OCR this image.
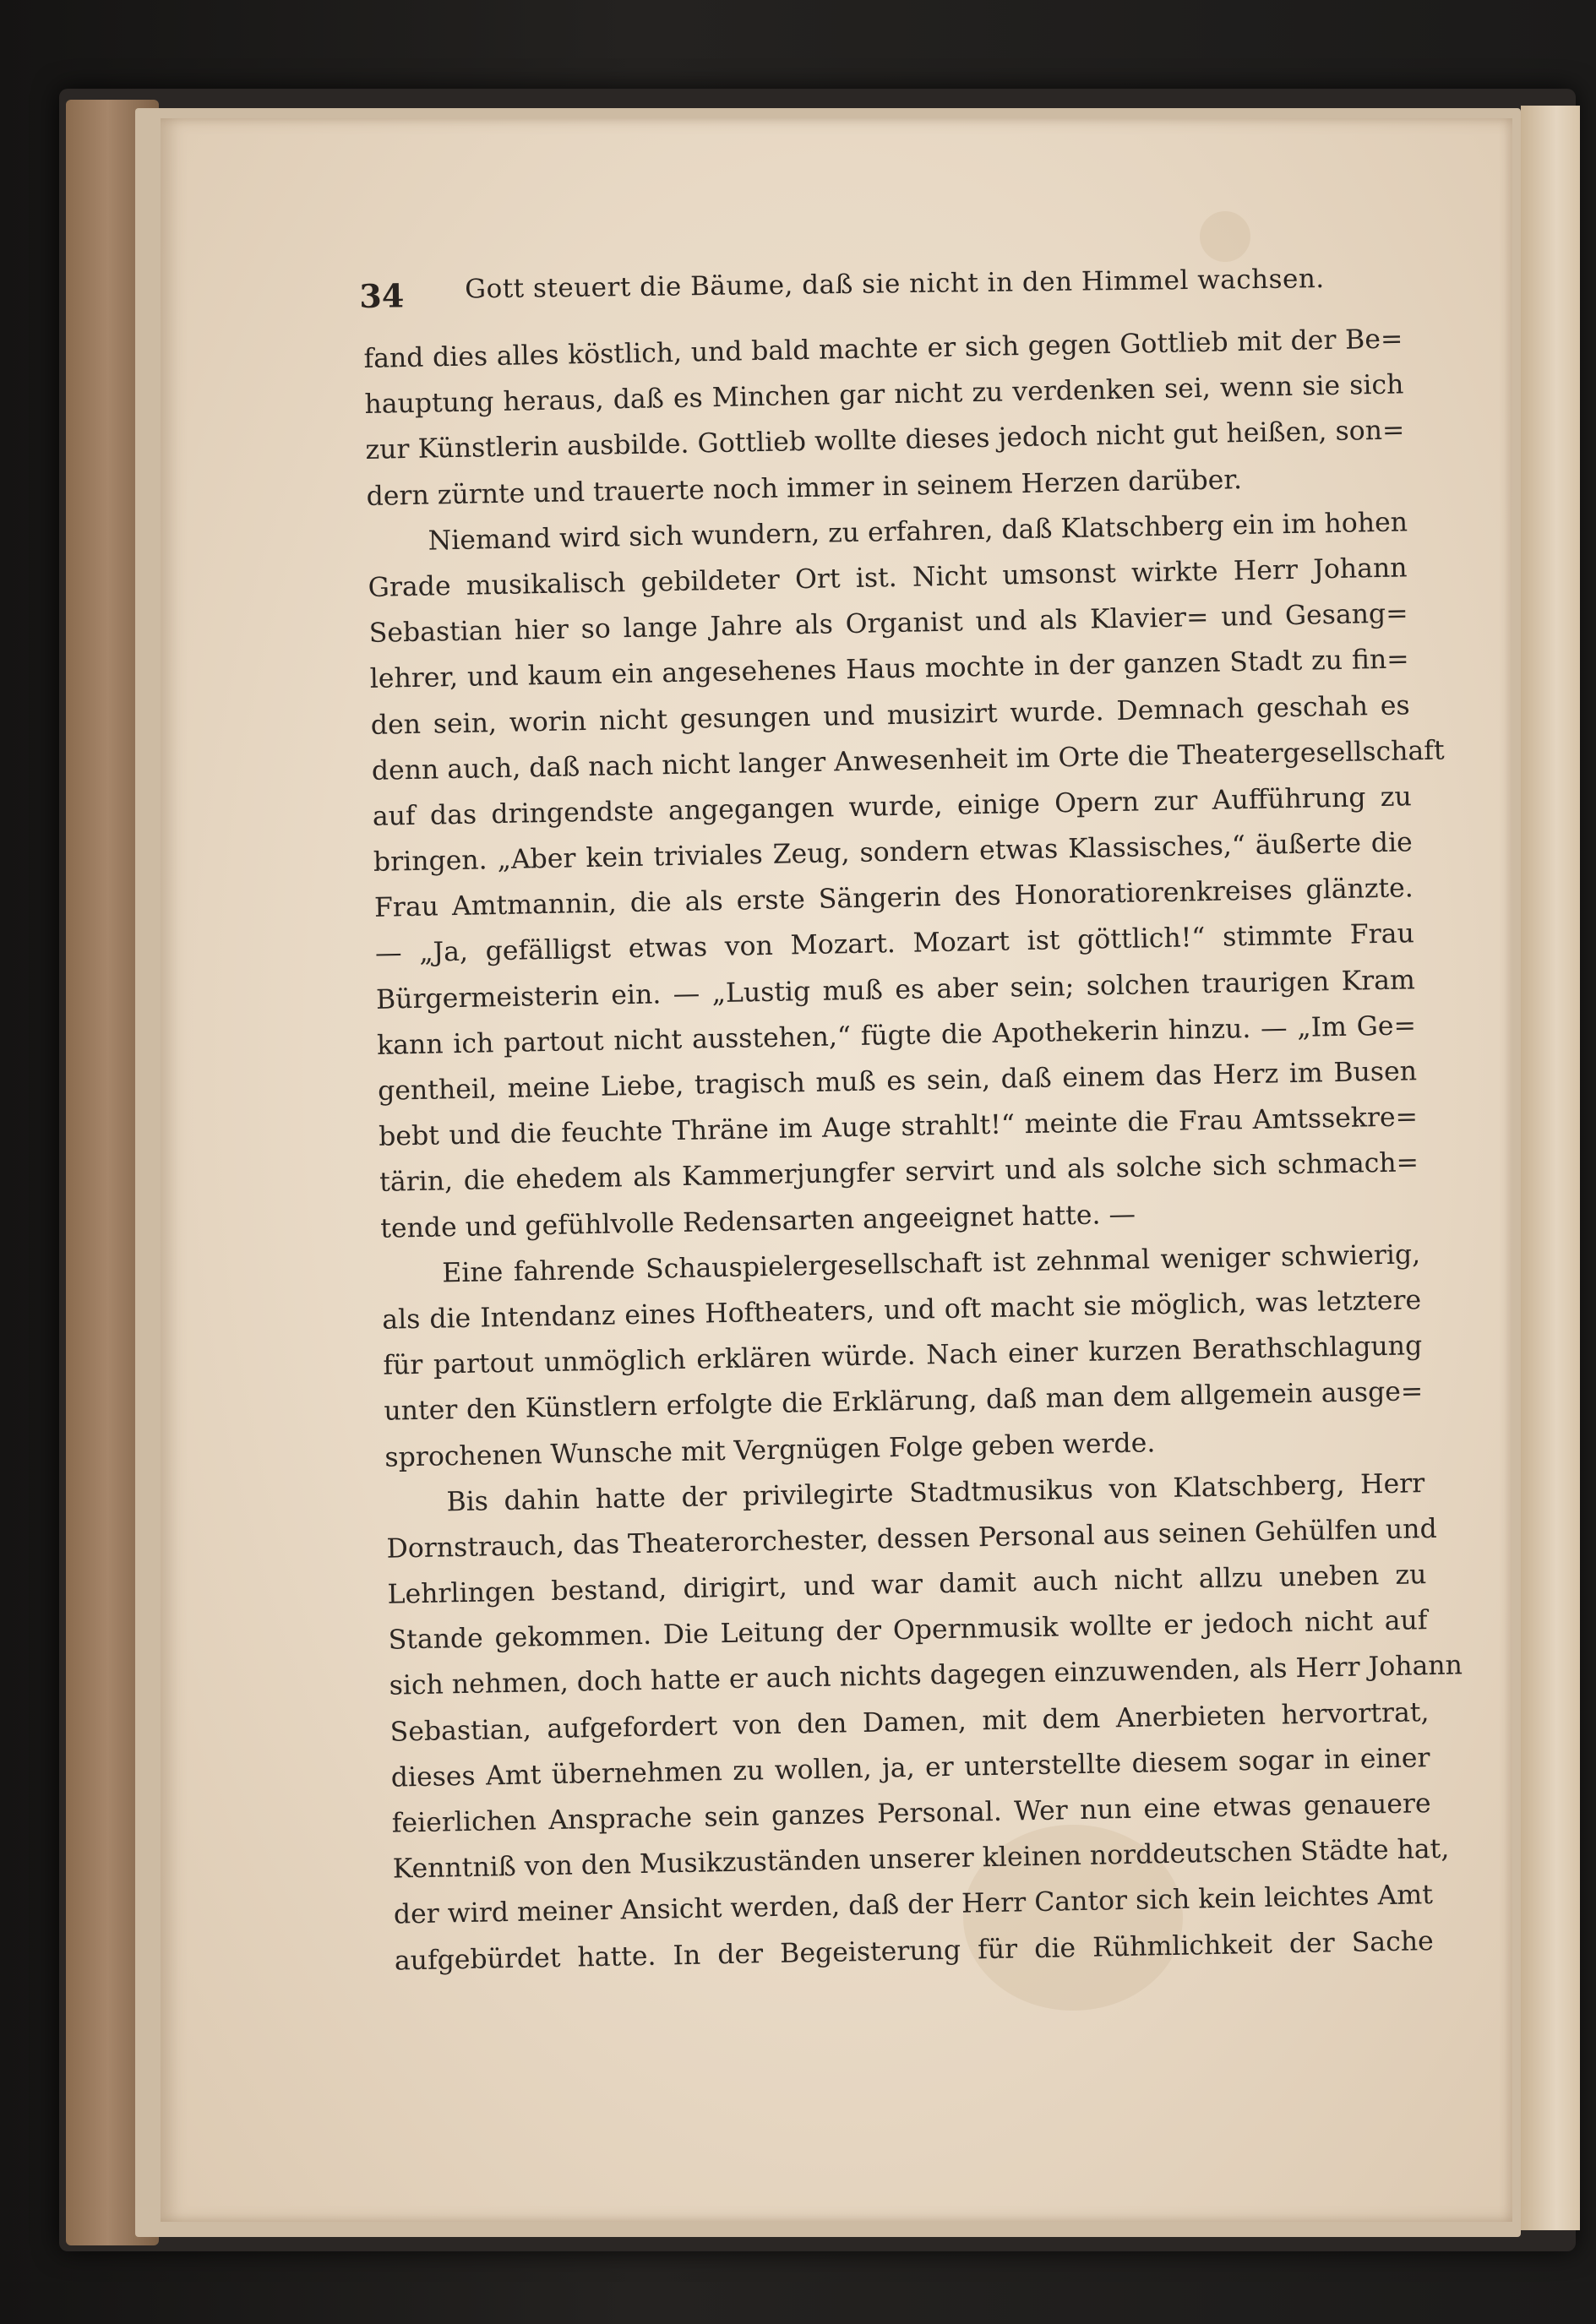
34 Gott steuert die Bäume, daß sie nicht in den Himmel wachsen.
fand dies alles köstlich, und bald machte er sich gegen Gottlieb mit der Be=
hauptung heraus, daß es Minchen gar nicht zu verdenken sei, wenn sie sich
zur Künstlerin ausbilde. Gottlieb wollte dieses jedoch nicht gut heißen, son=
dern zürnte und trauerte noch immer in seinem Herzen darüber.
Niemand wird sich wundern, zu erfahren, daß Klatschberg ein im hohen
Grade musikalisch gebildeter Ort ist. Nicht umsonst wirkte Herr Johann
Sebastian hier so lange Jahre als Organist und als Klavier= und Gesang=
lehrer, und kaum ein angesehenes Haus mochte in der ganzen Stadt zu fin=
den sein, worin nicht gesungen und musizirt wurde. Demnach geschah es
denn auch, daß nach nicht langer Anwesenheit im Orte die Theatergesellschaft
auf das dringendste angegangen wurde, einige Opern zur Aufführung zu
bringen. „Aber kein triviales Zeug, sondern etwas Klassisches,“ äußerte die
Frau Amtmannin, die als erste Sängerin des Honoratiorenkreises glänzte.
— „Ja, gefälligst etwas von Mozart. Mozart ist göttlich!“ stimmte Frau
Bürgermeisterin ein. — „Lustig muß es aber sein; solchen traurigen Kram
kann ich partout nicht ausstehen,“ fügte die Apothekerin hinzu. — „Im Ge=
gentheil, meine Liebe, tragisch muß es sein, daß einem das Herz im Busen
bebt und die feuchte Thräne im Auge strahlt!“ meinte die Frau Amtssekre=
tärin, die ehedem als Kammerjungfer servirt und als solche sich schmach=
tende und gefühlvolle Redensarten angeeignet hatte. —
Eine fahrende Schauspielergesellschaft ist zehnmal weniger schwierig,
als die Intendanz eines Hoftheaters, und oft macht sie möglich, was letztere
für partout unmöglich erklären würde. Nach einer kurzen Berathschlagung
unter den Künstlern erfolgte die Erklärung, daß man dem allgemein ausge=
sprochenen Wunsche mit Vergnügen Folge geben werde.
Bis dahin hatte der privilegirte Stadtmusikus von Klatschberg, Herr
Dornstrauch, das Theaterorchester, dessen Personal aus seinen Gehülfen und
Lehrlingen bestand, dirigirt, und war damit auch nicht allzu uneben zu
Stande gekommen. Die Leitung der Opernmusik wollte er jedoch nicht auf
sich nehmen, doch hatte er auch nichts dagegen einzuwenden, als Herr Johann
Sebastian, aufgefordert von den Damen, mit dem Anerbieten hervortrat,
dieses Amt übernehmen zu wollen, ja, er unterstellte diesem sogar in einer
feierlichen Ansprache sein ganzes Personal. Wer nun eine etwas genauere
Kenntniß von den Musikzuständen unserer kleinen norddeutschen Städte hat,
der wird meiner Ansicht werden, daß der Herr Cantor sich kein leichtes Amt
aufgebürdet hatte. In der Begeisterung für die Rühmlichkeit der Sache
